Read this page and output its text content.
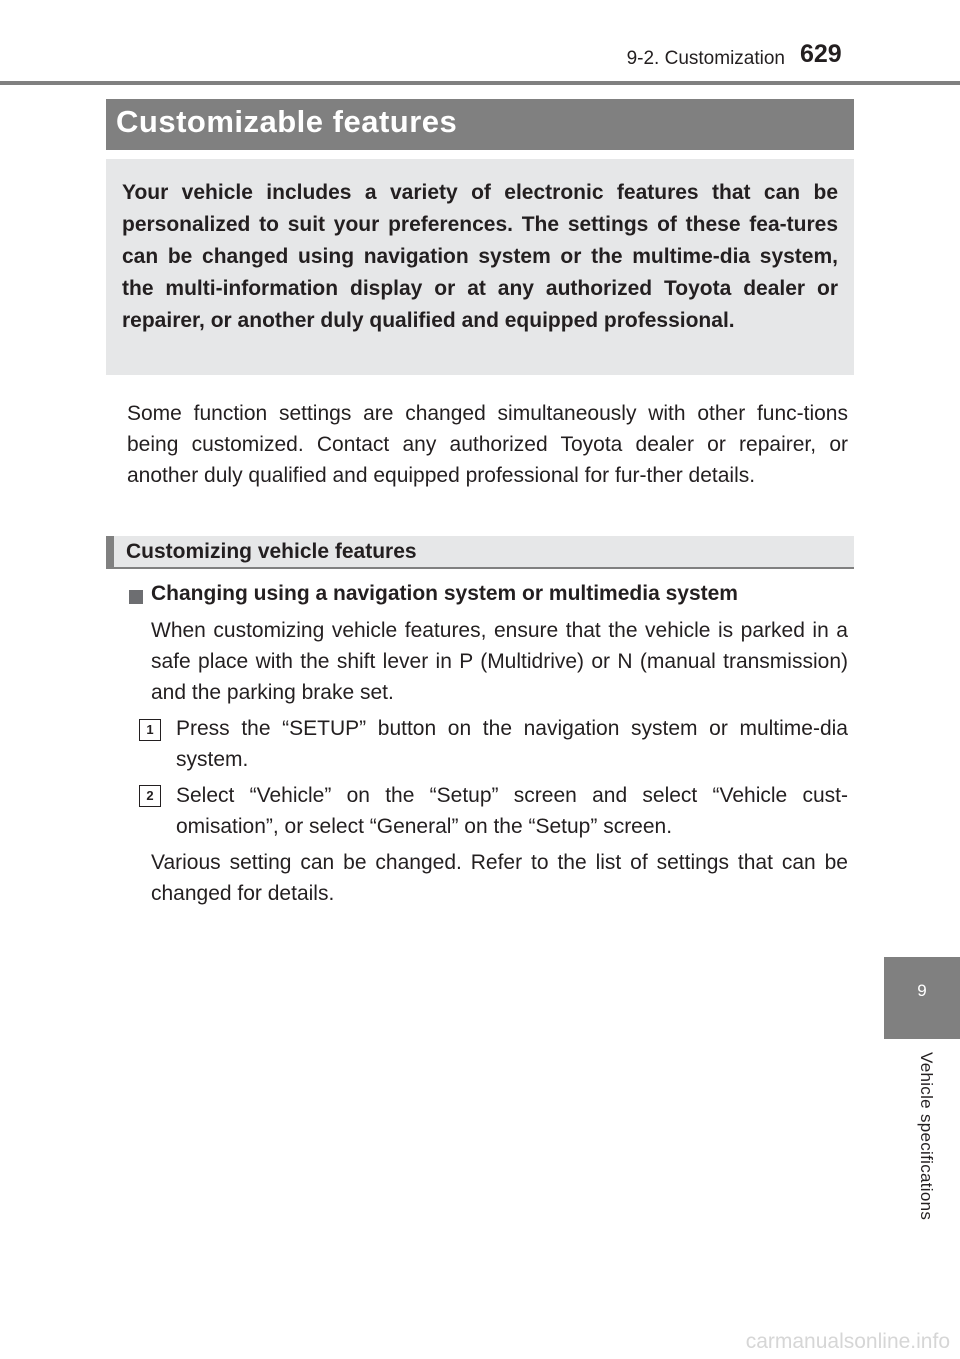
9-2. Customization 629
Customizable features

Your vehicle includes a variety of electronic features that can be personalized to suit your preferences. The settings of these fea-tures can be changed using navigation system or the multime-dia system, the multi-information display or at any authorized Toyota dealer or repairer, or another duly qualified and equipped professional.

Some function settings are changed simultaneously with other func-tions being customized. Contact any authorized Toyota dealer or repairer, or another duly qualified and equipped professional for fur-ther details.

Customizing vehicle features
Changing using a navigation system or multimedia system

When customizing vehicle features, ensure that the vehicle is parked in a safe place with the shift lever in P (Multidrive) or N (manual transmission) and the parking brake set.

1	Press the “SETUP” button on the navigation system or multime-dia system.

2	Select “Vehicle” on the “Setup” screen and select “Vehicle cust-omisation”, or select “General” on the “Setup” screen.

Various setting can be changed. Refer to the list of settings that can be changed for details.

9
Vehicle specifications
carmanualsonline.info
